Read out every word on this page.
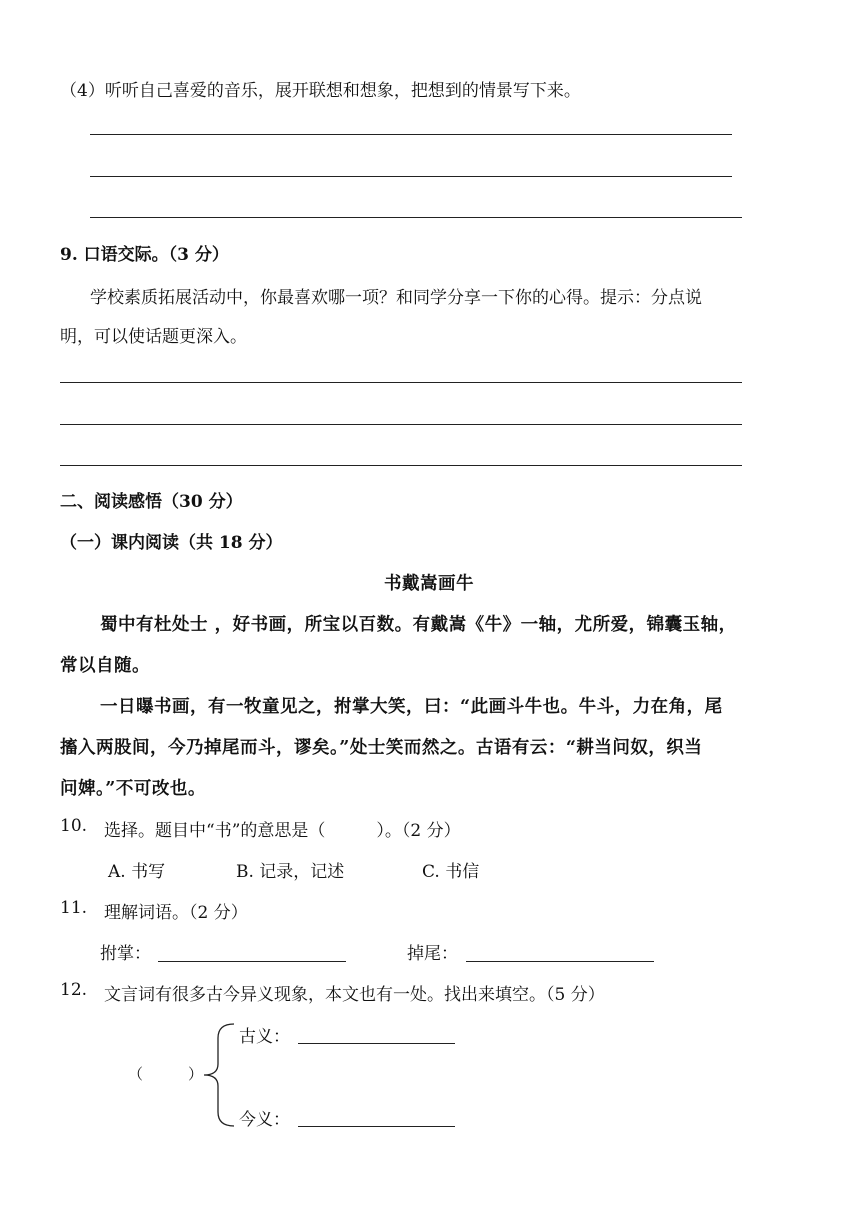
（4）听听自己喜爱的音乐，展开联想和想象，把想到的情景写下来。
9. 口语交际。（3 分）
学校素质拓展活动中，你最喜欢哪一项？和同学分享一下你的心得。提示：分点说
明，可以使话题更深入。
二、阅读感悟（30 分）
（一）课内阅读（共 18 分）
书戴嵩画牛
蜀中有杜处士 ，好书画，所宝以百数。有戴嵩《牛》一轴，尤所爱，锦囊玉轴，
常以自随。
一日曝书画，有一牧童见之，拊掌大笑，曰：“此画斗牛也。牛斗，力在角，尾
搐入两股间，今乃掉尾而斗，谬矣。”处士笑而然之。古语有云：“耕当问奴，织当
问婢。”不可改也。
10. 选择。题目中“书”的意思是（　　　）。（2 分）
A. 书写	B. 记录，记述	C. 书信
11. 理解词语。（2 分）
拊掌：	掉尾：
12. 文言词有很多古今异义现象，本文也有一处。找出来填空。（5 分）
（　　　）
古义：
今义：
